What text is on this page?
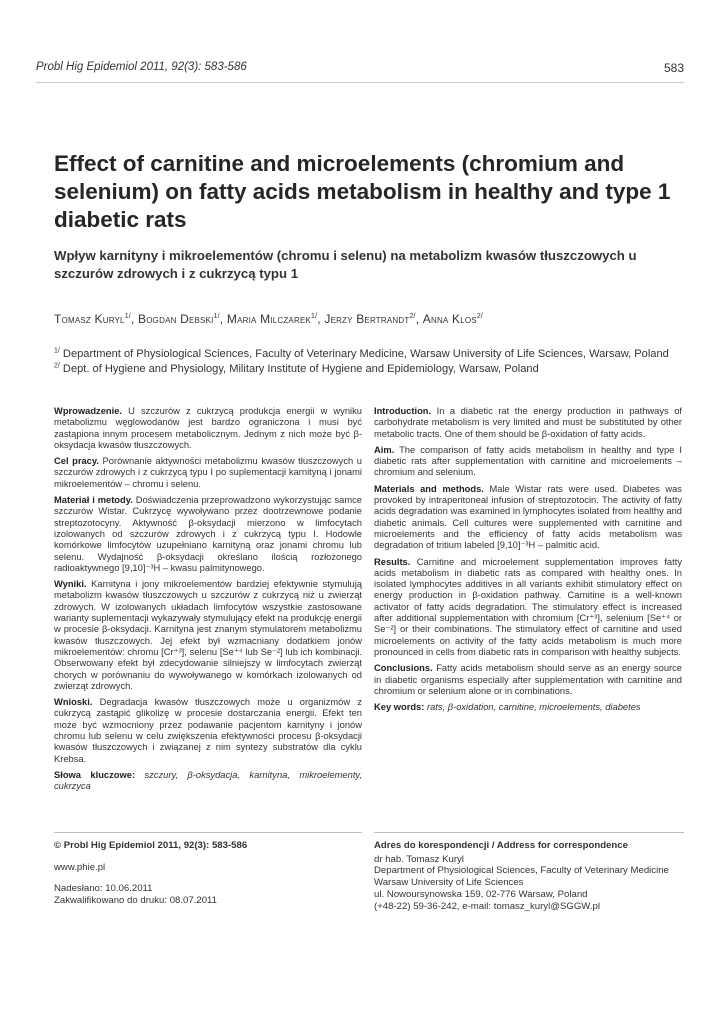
Probl Hig Epidemiol 2011, 92(3): 583-586	583
Effect of carnitine and microelements (chromium and selenium) on fatty acids metabolism in healthy and type 1 diabetic rats
Wpływ karnityny i mikroelementów (chromu i selenu) na metabolizm kwasów tłuszczowych u szczurów zdrowych i z cukrzycą typu 1
Tomasz Kuryl$^{1/}$, Bogdan Debski$^{1/}$, Maria Milczarek$^{1/}$, Jerzy Bertrandt$^{2/}$, Anna Klos$^{2/}$
$^{1/}$ Department of Physiological Sciences, Faculty of Veterinary Medicine, Warsaw University of Life Sciences, Warsaw, Poland
$^{2/}$ Dept. of Hygiene and Physiology, Military Institute of Hygiene and Epidemiology, Warsaw, Poland

Wprowadzenie. U szczurów z cukrzycą produkcja energii w wyniku metabolizmu węglowodanów jest bardzo ograniczona i musi być zastąpiona innym procesem metabolicznym. Jednym z nich może być β-oksydacja kwasów tłuszczowych.

Cel pracy. Porównanie aktywności metabolizmu kwasów tłuszczowych u szczurów zdrowych i z cukrzycą typu I po suplementacji karnityną i jonami mikroelementów – chromu i selenu.

Materiał i metody. Doświadczenia przeprowadzono wykorzystując samce szczurów Wistar. Cukrzycę wywoływano przez dootrzewnowe podanie streptozotocyny. Aktywność β-oksydacji mierzono w limfocytach izolowanych od szczurów zdrowych i z cukrzycą typu I. Hodowle komórkowe limfocytów uzupełniano karnityną oraz jonami chromu lub selenu. Wydajność β-oksydacji określano ilością rozłożonego radioaktywnego [9,10]⁻³H – kwasu palmitynowego.

Wyniki. Karnityna i jony mikroelementów bardziej efektywnie stymulują metabolizm kwasów tłuszczowych u szczurów z cukrzycą niż u zwierząt zdrowych. W izolowanych układach limfocytów wszystkie zastosowane warianty suplementacji wykazywały stymulujący efekt na produkcję energii w procesie β-oksydacji. Karnityna jest znanym stymulatorem metabolizmu kwasów tłuszczowych. Jej efekt był wzmacniany dodatkiem jonów mikroelementów: chromu [Cr⁺³], selenu [Se⁺⁴ lub Se⁻²] lub ich kombinacji. Obserwowany efekt był zdecydowanie silniejszy w limfocytach zwierząt chorych w porównaniu do wywoływanego w komórkach izolowanych od zwierząt zdrowych.

Wnioski. Degradacja kwasów tłuszczowych może u organizmów z cukrzycą zastąpić glikolizę w procesie dostarczania energii. Efekt ten może być wzmocniony przez podawanie pacjentom karnityny i jonów chromu lub selenu w celu zwiększenia efektywności procesu β-oksydacji kwasów tłuszczowych i związanej z nim syntezy substratów dla cyklu Krebsa.

Słowa kluczowe: szczury, β-oksydacja, karnityna, mikroelementy, cukrzyca

Introduction. In a diabetic rat the energy production in pathways of carbohydrate metabolism is very limited and must be substituted by other metabolic tracts. One of them should be β-oxidation of fatty acids.

Aim. The comparison of fatty acids metabolism in healthy and type I diabetic rats after supplementation with carnitine and microelements – chromium and selenium.

Materials and methods. Male Wistar rats were used. Diabetes was provoked by intraperitoneal infusion of streptozotocin. The activity of fatty acids degradation was examined in lymphocytes isolated from healthy and diabetic animals. Cell cultures were supplemented with carnitine and microelements and the efficiency of fatty acids metabolism was degradation of tritium labeled [9,10]⁻³H – palmitic acid.

Results. Carnitine and microelement supplementation improves fatty acids metabolism in diabetic rats as compared with healthy ones. In isolated lymphocytes additives in all variants exhibit stimulatory effect on energy production in β-oxidation pathway. Carnitine is a well-known activator of fatty acids degradation. The stimulatory effect is increased after additional supplementation with chromium [Cr⁺³], selenium [Se⁺⁴ or Se⁻²] or their combinations. The stimulatory effect of carnitine and used microelements on activity of the fatty acids metabolism is much more pronounced in cells from diabetic rats in comparison with healthy subjects.

Conclusions. Fatty acids metabolism should serve as an energy source in diabetic organisms especially after supplementation with carnitine and chromium or selenium alone or in combinations.

Key words: rats, β-oxidation, carnitine, microelements, diabetes

© Probl Hig Epidemiol 2011, 92(3): 583-586
www.phie.pl
Nadesłano: 10.06.2011
Zakwalifikowano do druku: 08.07.2011
Adres do korespondencji / Address for correspondence
dr hab. Tomasz Kuryl
Department of Physiological Sciences, Faculty of Veterinary Medicine
Warsaw University of Life Sciences
ul. Nowoursynowska 159, 02-776 Warsaw, Poland
(+48-22) 59-36-242, e-mail: tomasz_kuryl@SGGW.pl
